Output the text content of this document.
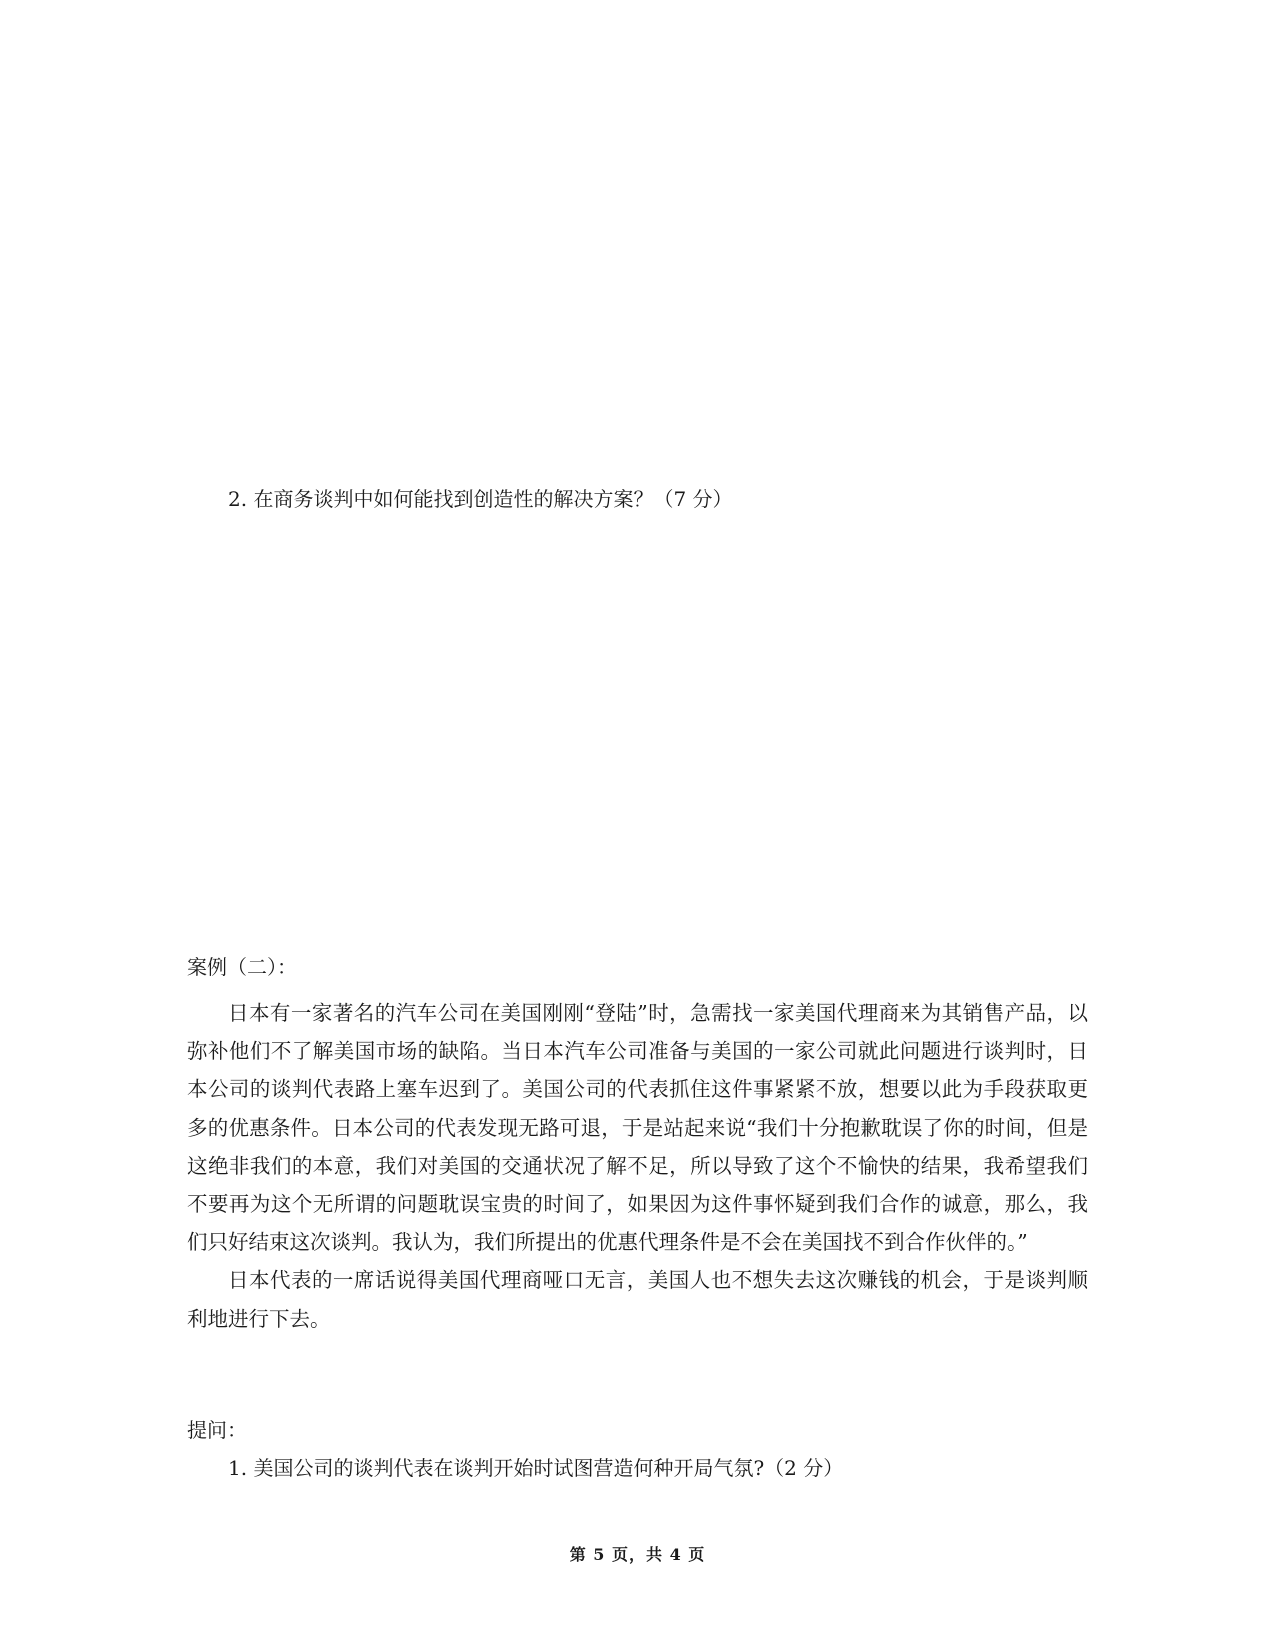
2. 在商务谈判中如何能找到创造性的解决方案？（7 分）
案例（二）：

日本有一家著名的汽车公司在美国刚刚“登陆”时，急需找一家美国代理商来为其销售产品，以弥补他们不了解美国市场的缺陷。当日本汽车公司准备与美国的一家公司就此问题进行谈判时，日本公司的谈判代表路上塞车迟到了。美国公司的代表抓住这件事紧紧不放，想要以此为手段获取更多的优惠条件。日本公司的代表发现无路可退，于是站起来说“我们十分抱歉耽误了你的时间，但是这绝非我们的本意，我们对美国的交通状况了解不足，所以导致了这个不愉快的结果，我希望我们不要再为这个无所谓的问题耽误宝贵的时间了，如果因为这件事怀疑到我们合作的诚意，那么，我们只好结束这次谈判。我认为，我们所提出的优惠代理条件是不会在美国找不到合作伙伴的。”

日本代表的一席话说得美国代理商哑口无言，美国人也不想失去这次赚钱的机会，于是谈判顺利地进行下去。

提问：
1. 美国公司的谈判代表在谈判开始时试图营造何种开局气氛?（2 分）
第 5 页，共 4 页
